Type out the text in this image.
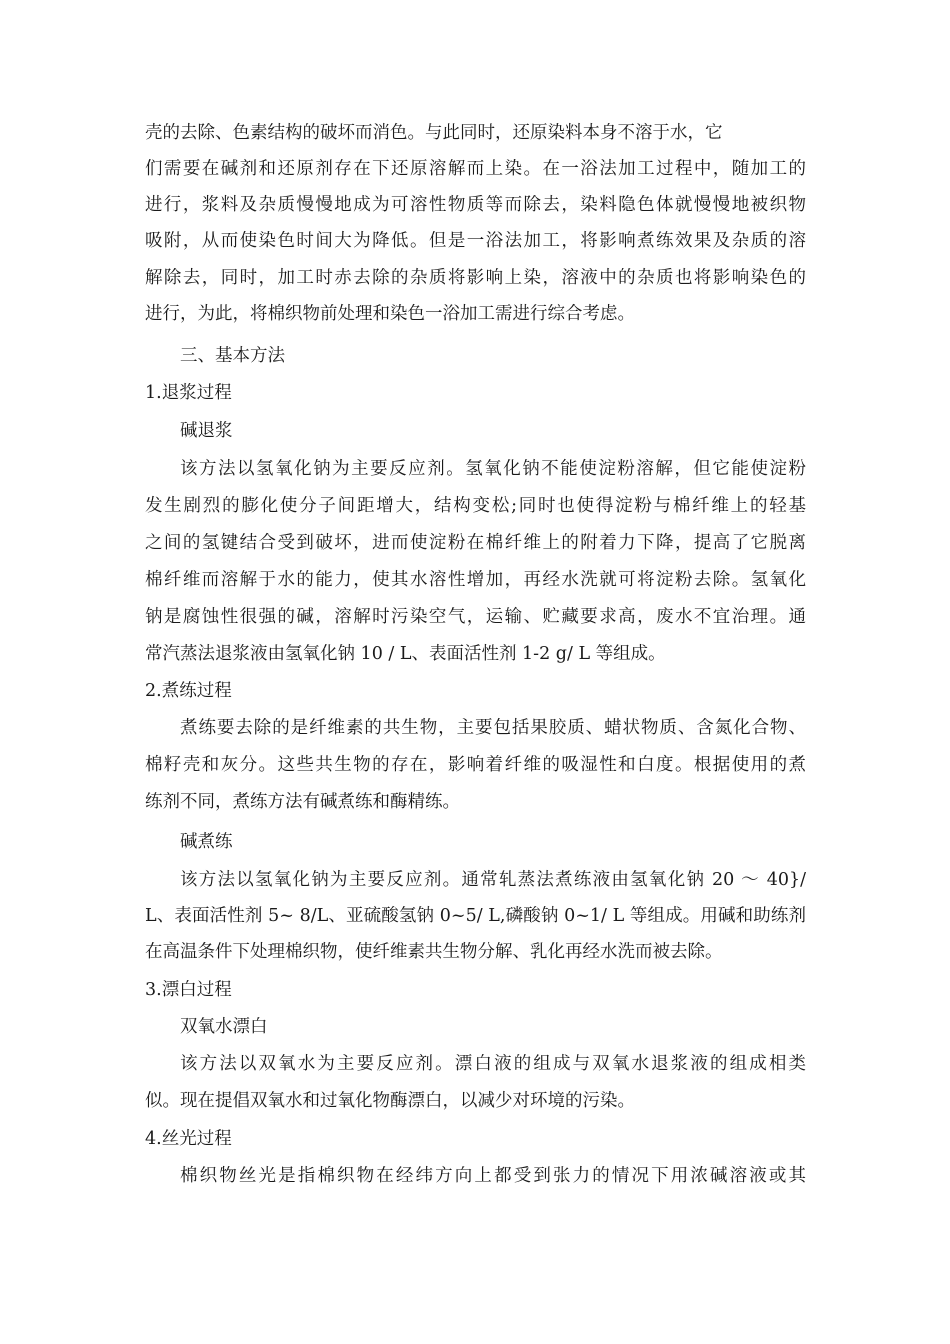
壳的去除、色素结构的破坏而消色。与此同时，还原染料本身不溶于水，它
们需要在碱剂和还原剂存在下还原溶解而上染。在一浴法加工过程中，随加工的
进行，浆料及杂质慢慢地成为可溶性物质等而除去，染料隐色体就慢慢地被织物
吸附，从而使染色时间大为降低。但是一浴法加工，将影响煮练效果及杂质的溶
解除去，同时，加工时赤去除的杂质将影响上染，溶液中的杂质也将影响染色的
进行，为此，将棉织物前处理和染色一浴加工需进行综合考虑。
三、基本方法
1.退浆过程
碱退浆
该方法以氢氧化钠为主要反应剂。氢氧化钠不能使淀粉溶解，但它能使淀粉
发生剧烈的膨化使分子间距增大，结构变松;同时也使得淀粉与棉纤维上的轻基
之间的氢键结合受到破坏，进而使淀粉在棉纤维上的附着力下降，提高了它脱离
棉纤维而溶解于水的能力，使其水溶性增加，再经水洗就可将淀粉去除。氢氧化
钠是腐蚀性很强的碱，溶解时污染空气，运输、贮藏要求高，废水不宜治理。通
常汽蒸法退浆液由氢氧化钠 10 / L、表面活性剂 1-2 g/ L 等组成。
2.煮练过程
煮练要去除的是纤维素的共生物，主要包括果胶质、蜡状物质、含氮化合物、
棉籽壳和灰分。这些共生物的存在，影响着纤维的吸湿性和白度。根据使用的煮
练剂不同，煮练方法有碱煮练和酶精练。
碱煮练
该方法以氢氧化钠为主要反应剂。通常轧蒸法煮练液由氢氧化钠 20 ～ 40}/
L、表面活性剂 5~ 8/L、亚硫酸氢钠 0~5/ L,磷酸钠 0~1/ L 等组成。用碱和助练剂
在高温条件下处理棉织物，使纤维素共生物分解、乳化再经水洗而被去除。
3.漂白过程
双氧水漂白
该方法以双氧水为主要反应剂。漂白液的组成与双氧水退浆液的组成相类
似。现在提倡双氧水和过氧化物酶漂白，以减少对环境的污染。
4.丝光过程
棉织物丝光是指棉织物在经纬方向上都受到张力的情况下用浓碱溶液或其
